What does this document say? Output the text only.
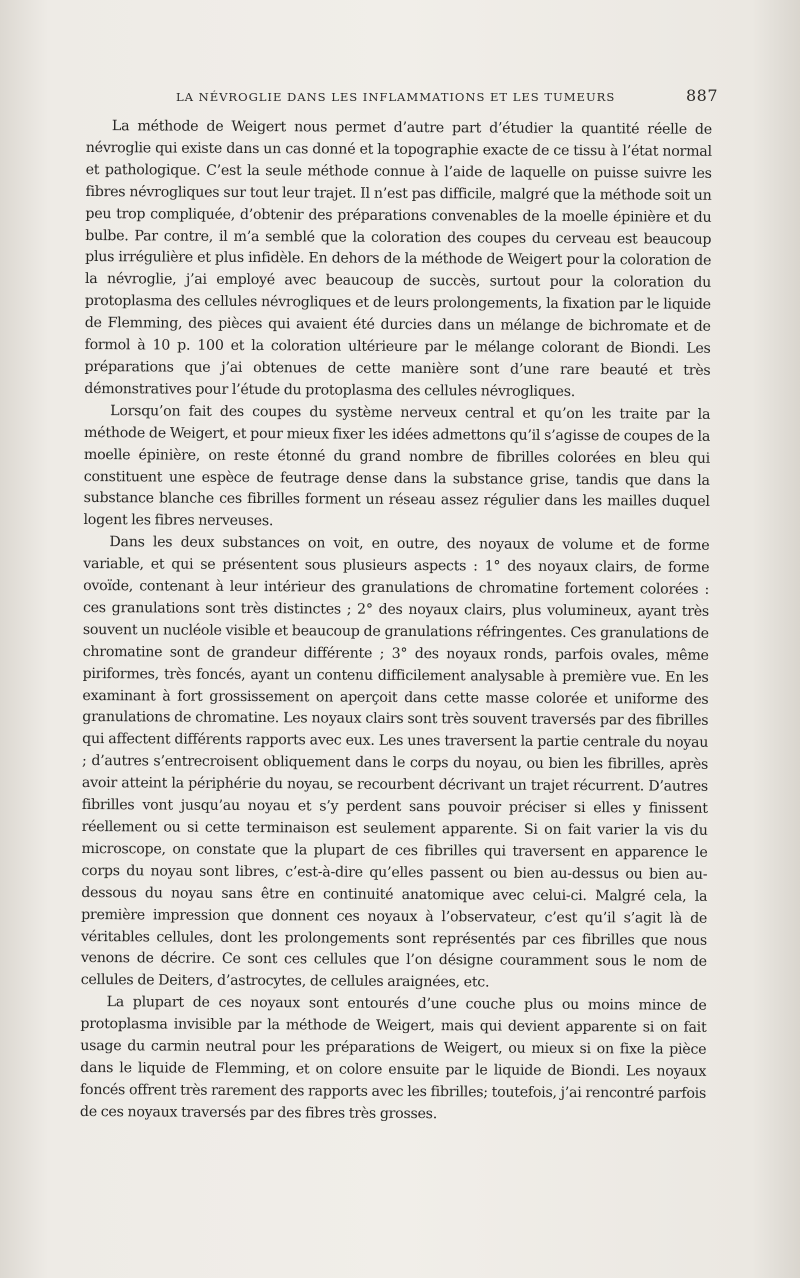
LA NÉVROGLIE DANS LES INFLAMMATIONS ET LES TUMEURS	887

La méthode de Weigert nous permet d’autre part d’étudier la quantité réelle de névroglie qui existe dans un cas donné et la topographie exacte de ce tissu à l’état normal et pathologique. C’est la seule méthode connue à l’aide de laquelle on puisse suivre les fibres névrogliques sur tout leur trajet. Il n’est pas difficile, malgré que la méthode soit un peu trop compliquée, d’obtenir des préparations convenables de la moelle épinière et du bulbe. Par contre, il m’a semblé que la coloration des coupes du cerveau est beaucoup plus irrégulière et plus infidèle. En dehors de la méthode de Weigert pour la coloration de la névroglie, j’ai employé avec beaucoup de succès, surtout pour la coloration du protoplasma des cellules névrogliques et de leurs prolongements, la fixation par le liquide de Flemming, des pièces qui avaient été durcies dans un mélange de bichromate et de formol à 10 p. 100 et la coloration ultérieure par le mélange colorant de Biondi. Les préparations que j’ai obtenues de cette manière sont d’une rare beauté et très démonstratives pour l’étude du protoplasma des cellules névrogliques.

Lorsqu’on fait des coupes du système nerveux central et qu’on les traite par la méthode de Weigert, et pour mieux fixer les idées admettons qu’il s’agisse de coupes de la moelle épinière, on reste étonné du grand nombre de fibrilles colorées en bleu qui constituent une espèce de feutrage dense dans la substance grise, tandis que dans la substance blanche ces fibrilles forment un réseau assez régulier dans les mailles duquel logent les fibres nerveuses.

Dans les deux substances on voit, en outre, des noyaux de volume et de forme variable, et qui se présentent sous plusieurs aspects : 1° des noyaux clairs, de forme ovoïde, contenant à leur intérieur des granulations de chromatine fortement colorées : ces granulations sont très distinctes ; 2° des noyaux clairs, plus volumineux, ayant très souvent un nucléole visible et beaucoup de granulations réfringentes. Ces granulations de chromatine sont de grandeur différente ; 3° des noyaux ronds, parfois ovales, même piriformes, très foncés, ayant un contenu difficilement analysable à première vue. En les examinant à fort grossissement on aperçoit dans cette masse colorée et uniforme des granulations de chromatine. Les noyaux clairs sont très souvent traversés par des fibrilles qui affectent différents rapports avec eux. Les unes traversent la partie centrale du noyau ; d’autres s’entrecroisent obliquement dans le corps du noyau, ou bien les fibrilles, après avoir atteint la périphérie du noyau, se recourbent décrivant un trajet récurrent. D’autres fibrilles vont jusqu’au noyau et s’y perdent sans pouvoir préciser si elles y finissent réellement ou si cette terminaison est seulement apparente. Si on fait varier la vis du microscope, on constate que la plupart de ces fibrilles qui traversent en apparence le corps du noyau sont libres, c’est-à-dire qu’elles passent ou bien au-dessus ou bien au-dessous du noyau sans être en continuité anatomique avec celui-ci. Malgré cela, la première impression que donnent ces noyaux à l’observateur, c’est qu’il s’agit là de véritables cellules, dont les prolongements sont représentés par ces fibrilles que nous venons de décrire. Ce sont ces cellules que l’on désigne couramment sous le nom de cellules de Deiters, d’astrocytes, de cellules araignées, etc.

La plupart de ces noyaux sont entourés d’une couche plus ou moins mince de protoplasma invisible par la méthode de Weigert, mais qui devient apparente si on fait usage du carmin neutral pour les préparations de Weigert, ou mieux si on fixe la pièce dans le liquide de Flemming, et on colore ensuite par le liquide de Biondi. Les noyaux foncés offrent très rarement des rapports avec les fibrilles; toutefois, j’ai rencontré parfois de ces noyaux traversés par des fibres très grosses.
